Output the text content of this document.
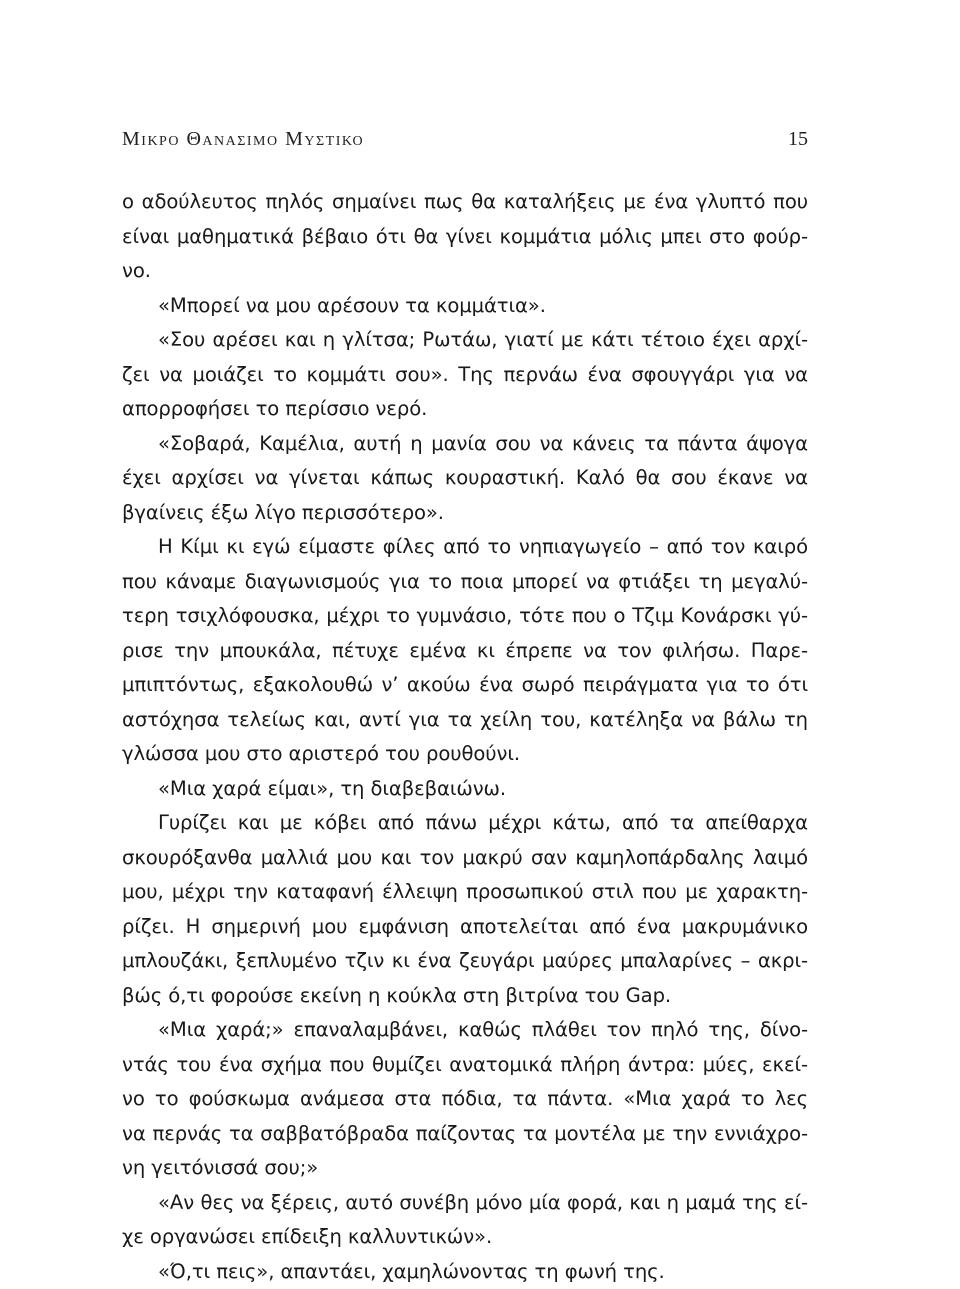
Μικρο Θανασιμο Μυστικο	15
ο αδούλευτος πηλός σημαίνει πως θα καταλήξεις με ένα γλυπτό που
είναι μαθηματικά βέβαιο ότι θα γίνει κομμάτια μόλις μπει στο φούρ-
νο.
«Μπορεί να μου αρέσουν τα κομμάτια».
«Σου αρέσει και η γλίτσα; Ρωτάω, γιατί με κάτι τέτοιο έχει αρχί-
ζει να μοιάζει το κομμάτι σου». Της περνάω ένα σφουγγάρι για να
απορροφήσει το περίσσιο νερό.
«Σοβαρά, Καμέλια, αυτή η μανία σου να κάνεις τα πάντα άψογα
έχει αρχίσει να γίνεται κάπως κουραστική. Καλό θα σου έκανε να
βγαίνεις έξω λίγο περισσότερο».
Η Κίμι κι εγώ είμαστε φίλες από το νηπιαγωγείο – από τον καιρό
που κάναμε διαγωνισμούς για το ποια μπορεί να φτιάξει τη μεγαλύ-
τερη τσιχλόφουσκα, μέχρι το γυμνάσιο, τότε που ο Τζιμ Κονάρσκι γύ-
ρισε την μπουκάλα, πέτυχε εμένα κι έπρεπε να τον φιλήσω. Παρε-
μπιπτόντως, εξακολουθώ ν’ ακούω ένα σωρό πειράγματα για το ότι
αστόχησα τελείως και, αντί για τα χείλη του, κατέληξα να βάλω τη
γλώσσα μου στο αριστερό του ρουθούνι.
«Μια χαρά είμαι», τη διαβεβαιώνω.
Γυρίζει και με κόβει από πάνω μέχρι κάτω, από τα απείθαρχα
σκουρόξανθα μαλλιά μου και τον μακρύ σαν καμηλοπάρδαλης λαιμό
μου, μέχρι την καταφανή έλλειψη προσωπικού στιλ που με χαρακτη-
ρίζει. Η σημερινή μου εμφάνιση αποτελείται από ένα μακρυμάνικο
μπλουζάκι, ξεπλυμένο τζιν κι ένα ζευγάρι μαύρες μπαλαρίνες – ακρι-
βώς ό,τι φορούσε εκείνη η κούκλα στη βιτρίνα του Gap.
«Μια χαρά;» επαναλαμβάνει, καθώς πλάθει τον πηλό της, δίνο-
ντάς του ένα σχήμα που θυμίζει ανατομικά πλήρη άντρα: μύες, εκεί-
νο το φούσκωμα ανάμεσα στα πόδια, τα πάντα. «Μια χαρά το λες
να περνάς τα σαββατόβραδα παίζοντας τα μοντέλα με την εννιάχρο-
νη γειτόνισσά σου;»
«Αν θες να ξέρεις, αυτό συνέβη μόνο μία φορά, και η μαμά της εί-
χε οργανώσει επίδειξη καλλυντικών».
«Ό,τι πεις», απαντάει, χαμηλώνοντας τη φωνή της.
